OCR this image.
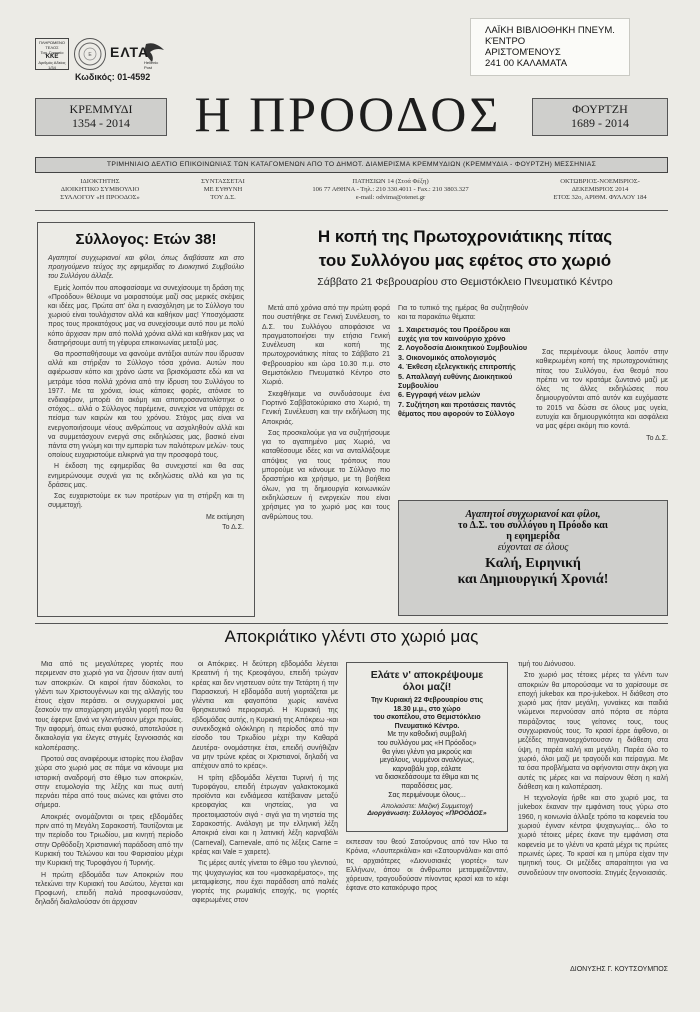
ΠΛΗΡΩΜΕΝΟ
ΤΕΛΟΣ
Ταχ. Γραφείο
ΚΚΕ
Αριθμός Αδείας
1/34
Ε ΕΛΤΑ
Hellenic Post
Κωδικός: 01-4592
ΛΑΪΚΗ ΒΙΒΛΙΟΘΗΚΗ ΠΝΕΥΜ.
ΚΈΝΤΡΟ
ΑΡΙΣΤΟΜΈΝΟΥΣ
241 00 ΚΑΛΑΜΑΤΑ
ΚΡΕΜΜΥΔΙ
1354 - 2014	Η ΠΡΟΟΔΟΣ	ΦΟΥΡΤΖΗ
1689 - 2014
ΤΡΙΜΗΝΙΑΙΟ ΔΕΛΤΙΟ ΕΠΙΚΟΙΝΩΝΙΑΣ ΤΩΝ ΚΑΤΑΓΟΜΕΝΩΝ ΑΠΟ ΤΟ ΔΗΜΟΤ. ΔΙΑΜΕΡΙΣΜΑ ΚΡΕΜΜΥΔΙΩΝ (ΚΡΕΜΜΥΔΙΑ - ΦΟΥΡΤΖΗ) ΜΕΣΣΗΝΙΑΣ
ΙΔΙΟΚΤΗΤΗΣ
ΔΙΟΙΚΗΤΙΚΟ ΣΥΜΒΟΥΛΙΟ
ΣΥΛΛΟΓΟΥ «Η ΠΡΟΟΔΟΣ»
ΣΥΝΤΑΣΣΕΤΑΙ
ΜΕ ΕΥΘΥΝΗ
ΤΟΥ Δ.Σ.
ΠΑΤΗΣΙΩΝ 14 (Στοά Φέξη)
106 77 ΑΘΗΝΑ - Τηλ.: 210 330.4011 - Fax.: 210 3803.327
e-mail: odvima@otenet.gr
ΟΚΤΩΒΡΙΟΣ-ΝΟΕΜΒΡΙΟΣ-
ΔΕΚΕΜΒΡΙΟΣ 2014
ΕΤΟΣ 32ο, ΑΡΙΘΜ. ΦΥΛΛΟΥ 184
Σύλλογος: Ετών 38!

Αγαπητοί συγχωριανοί και φίλοι, όπως διαβάσατε και στο προηγούμενο τεύχος της εφημερίδας το Διοικητικό Συμβούλιο του Συλλόγου άλλαξε.

Εμείς λοιπόν που αποφασίσαμε να συνεχίσουμε τη δράση της «Προόδου» θέλουμε να μοιραστούμε μαζί σας μερικές σκέψεις και ιδέες μας. Πρώτα απ' όλα η ενασχόληση με το Σύλλογο του χωριού είναι τουλάχιστον αλλά και καθήκον μας! Υποσχόμαστε προς τους προκατόχους μας να συνεχίσουμε αυτό που με πολύ κόπο άρχισαν πριν από πολλά χρόνια αλλά και καθήκον μας να διατηρήσουμε αυτή τη γέφυρα επικοινωνίας μεταξύ μας.

Θα προσπαθήσουμε να φανούμε αντάξιοι αυτών που ίδρυσαν αλλά και στήριξαν το Σύλλογο τόσα χρόνια. Αυτών που αφιέρωσαν κόπο και χρόνο ώστε να βρισκόμαστε εδώ και να μετράμε τόσα πολλά χρόνια από την ίδρυση του Συλλόγου το 1977. Με τα χρόνια, ίσως κάποιες φορές, ατόνισε το ενδιαφέρον, μπορέι ότι ακόμη και αποπροσανατολίστηκε ο στόχος... αλλά ο Σύλλογος παρέμεινε, συνεχίσε να υπάρχει σε πείσμα των καιρών και του χρόνου. Στόχος μας είναι να ενεργοποιήσουμε νέους ανθρώπους να ασχοληθούν αλλά και να συμμετάσχουν ενεργά στις εκδηλώσεις μας, βασικό είναι πάντα στη γνώμη και την εμπειρία των παλιότερων μελών· τους οποίους ευχαριστούμε ειλικρινά για την προσφορά τους.

Η έκδοση της εφημερίδας θα συνεχιστεί και θα σας ενημερώνουμε συχνά για τις εκδηλώσεις αλλά και για τις δράσεις μας.

Σας ευχαριστούμε εκ των προτέρων για τη στήριξη και τη συμμετοχή.

Με εκτίμηση
Το Δ.Σ.
Η κοπή της Πρωτοχρονιάτικης πίτας
του Συλλόγου μας εφέτος στο χωριό
Σάββατο 21 Φεβρουαρίου στο Θεμιστόκλειο Πνευματικό Κέντρο

Μετά από χρόνια από την πρώτη φορά που συστήθηκε σε Γενική Συνέλευση, το Δ.Σ. του Συλλόγου αποφάσισε να πραγματοποιήσει την ετήσια Γενική Συνέλευση και κοπή της πρωτοχρονιάτικης πίτας το Σάββατο 21 Φεβρουαρίου και ώρα 10.30 π.μ. στο Θεμιστόκλειο Πνευματικό Κέντρο στο Χωριό.

Σκεφθήκαμε να συνδυάσουμε ένα Γιορτινό Σαββατοκύριακο στο Χωριό, τη Γενική Συνέλευση και την εκδήλωση της Αποκριάς.

Σας προσκαλούμε για να συζητήσουμε για το αγαπημένο μας Χωριό, να καταθέσουμε ιδέες και να ανταλλάξουμε απόψεις για τους τρόπους που μπορούμε να κάνουμε το Σύλλογο πιο δραστήριο και χρήσιμο, με τη βοήθεια όλων, για τη δημιουργία κοινωνικών εκδηλώσεων ή ενεργειών που είναι χρήσιμες για το χωριό μας και τους ανθρώπους του.

Για το τυπικό της ημέρας θα συζητηθούν και τα παρακάτω θέματα:
1. Χαιρετισμός του Προέδρου και ευχές για τον καινούργιο χρόνο
2. Λογοδοσία Διοικητικού Συμβουλίου
3. Οικονομικός απολογισμός
4. Έκθεση εξελεγκτικής επιτροπής
5. Απαλλαγή ευθύνης Διοικητικού Συμβουλίου
6. Εγγραφή νέων μελών
7. Συζήτηση και προτάσεις παντός θέματος που αφορούν το Σύλλογο

Σας περιμένουμε όλους λοιπόν στην καθιερωμένη κοπή της πρωτοχρονιάτικης πίτας του Συλλόγου, ένα θεσμό που πρέπει να τον κρατάμε ζωντανό μαζί με όλες τις άλλες εκδηλώσεις που δημιουργούνται από αυτόν και ευχόμαστε το 2015 να δώσει σε όλους μας υγεία, ευτυχία και δημιουργικότητα και ασφάλεια να μας φέρει ακόμη πιο κοντά.

Το Δ.Σ.
Αγαπητοί συγχωριανοί και φίλοι,
το Δ.Σ. του συλλόγου η Πρόοδο και
η εφημερίδα
εύχονται σε όλους
Καλή, Ειρηνική
και Δημιουργική Χρονιά!
Αποκριάτικο γλέντι στο χωριό μας

Μια από τις μεγαλύτερες γιορτές που περιμεναν στο χωριό για να ζήσουν ήταν αυτή των αποκριών. Οι καιροί ήταν δύσκολοι, το γλέντι των Χριστουγέννων και της αλλαγής του έτους είχαν περάσει. οι συγχωριανοί μας ξεσκούν την αποχώρηση μεγάλη γιορτή που θα τους έφερνε ξανά να γλεντήσουν μέχρι πρωίας. Την αφορμή, όπως είναι φυσικό, αποτελούσε η δικαιολογία για έλεγες στιγμές ξεγνοιασιάς και καλοπέρασης.

Προτού σας αναφέρουμε ιστορίες που έλαβαν χώρα στο χωριό μας σε πάμε να κάνουμε μια ιστορική αναδρομή στο έθιμο των αποκριών, στην ετυμολογία της λέξης και πως αυτή περνάει πέρα από τους αιώνες και φτάνει στο σήμερα.

Αποκριές ονομάζονται οι τρεις εβδομάδες πριν από τη Μεγάλη Σαρακοστή. Ταυτίζονται με την περίοδο του Τριωδίου, μια κινητή περίοδο στην Ορθόδοξη Χριστιανική παράδοση από την Κυριακή του Τελώνου και του Φαρισαίου μέχρι την Κυριακή της Τυροφάγου ή Τυρινής.

Η πρώτη εβδομάδα των Αποκριών που τελειώνει την Κυριακή του Ασώτου, λέγεται και Προφωνή, επειδή παλιά προσφωνούσαν, δηλαδή διαλαλούσαν ότι άρχισαν

οι Απόκριες. Η δεύτερη εβδομάδα λέγεται Κρεατινή ή της Κρεοφάγου, επειδή τρώγαν κρέας και δεν νηστευαν ούτε την Τετάρτη ή την Παρασκευή. Η εβδομάδα αυτή γιορτάζεται με γλέντια και φαγοπότια χωρίς κανένα θρησκευτικό περιορισμό. Η Κυριακή της εβδομάδας αυτής, η Κυριακή της Απόκρεω -και συνεκδοχικά ολόκληρη η περίοδος από την είσοδο του Τριωδίου μέχρι την Καθαρά Δευτέρα- ονομάστηκε έτσι, επειδή συνήθιζαν να μην τρώνε κρέας οι Χριστιανοί, δηλαδή να απέχουν από το κρέας».

Η τρίτη εβδομάδα λέγεται Τυρινή ή της Τυροφάγου, επειδή έτρωγαν γαλακτοκομικά προϊόντα και ενδιάμεσα κατέβαιναν μεταξύ κρεοφαγίας και νηστείας, για να προετοιμαστούν σιγά - σιγά για τη νηστεία της Σαρακοστής. Ανάλογη με την ελληνική λέξη Αποκριά είναι και η λατινική λέξη καρναβάλι (Carneval), Carnevale, από τις λέξεις Carne = κρέας και Vale = χαιρετε).

Τις μέρες αυτές γίνεται το έθιμο του γλεντιού, της ψυχαγωγίας και του «μασκαρέματος», της μεταμφίεσης, που έχει παράδοση από παλιές γιορτές της ρωμαϊκής εποχής, τις γιορτές αφιερωμένες στον

Ελάτε ν' αποκρέψουμε
όλοι μαζί!
Την Κυριακή 22 Φεβρουαρίου στις
18.30 μ.μ., στο χώρο
του σκοπέλου, στο Θεμιστόκλειο
Πνευματικό Κέντρο.
Με την καθοδική συμβολή
του συλλόγου μας «Η Πρόοδος»
θα γίνει γλέντι για μικρούς και
μεγάλους, νυμμένοι αναλόγως,
καρναβάλι χορ, εάλατε
να διασκεδάσουμε τα έθιμα και τις
παραδόσεις μας.
Σας περιμένουμε όλους...
Απολαύστε: Μαζική Συμμετοχή
Διοργάνωση: Σύλλογος «ΠΡΟΟΔΟΣ»

εκπεσαν του θεού Σατούρνους από τον Ηλιο τα Κρόνια, «Λουπερκάλια» και «Σατουρνάλια» και από τις αρχαιότερες «Διονυσιακές γιορτές» των Ελλήνων, όπου οι άνθρωποι μεταμφιέζονταν, χόρευαν, τραγουδούσαν πίνοντας κρασί και το κέφι έφτανε στο κατακόρυφο προς

τιμή του Διόνυσου.

Στο χωριό μας τέτοιες μέρες τα γλέντι των αποκριών θα μπορούσαμε να το χαρίσουμε σε εποχή jukebox και προ-jukebox. Η διάθεση στο χωριό μας ήταν μεγάλη, γυναίκες και παιδιά νιώμενοι περνούσαν από πόρτα σε πόρτα πειράζοντας τους γείτονες τους, τους συγχωριανούς τους. Το κρασί έρρε άφθονο, οι μεζέδες πηγαινοερχόντουσαν η διάθεση στα ύψη, η παρέα καλή και μεγάλη. Παρέα όλο το χωριό, όλοι μαζί με τραγούδι και πείραγμα. Με τα όσα προβλήματα να αφήνονται στην άκρη για αυτές τις μέρες και να παίρνουν θέση η καλή διάθεση και η καλοπέραση.

Η τεχνολογία ήρθε και στο χωριό μας, τα jukebox έκαναν την εμφάνιση τους γύρω στο 1960, η κοινωνία άλλαξε τρόπο τα καφενεία του χωριού έγιναν κέντρα ψυχαγωγίας... όλο το χωριό τέτοιες μέρες έκανε την εμφάνιση στα καφενεία με το γλέντι να κρατά μέχρι τις πρώτες πρωινές ώρες. Το κρασί και η μπύρα είχαν την τιμητική τους. Οι μεζέδες απαραίτητοι για να συνοδεύουν την οινοποσία. Στιγμές ξεγνοιασιάς.

ΔΙΟΝΥΣΗΣ Γ. ΚΟΥΤΣΟΥΜΠΟΣ
